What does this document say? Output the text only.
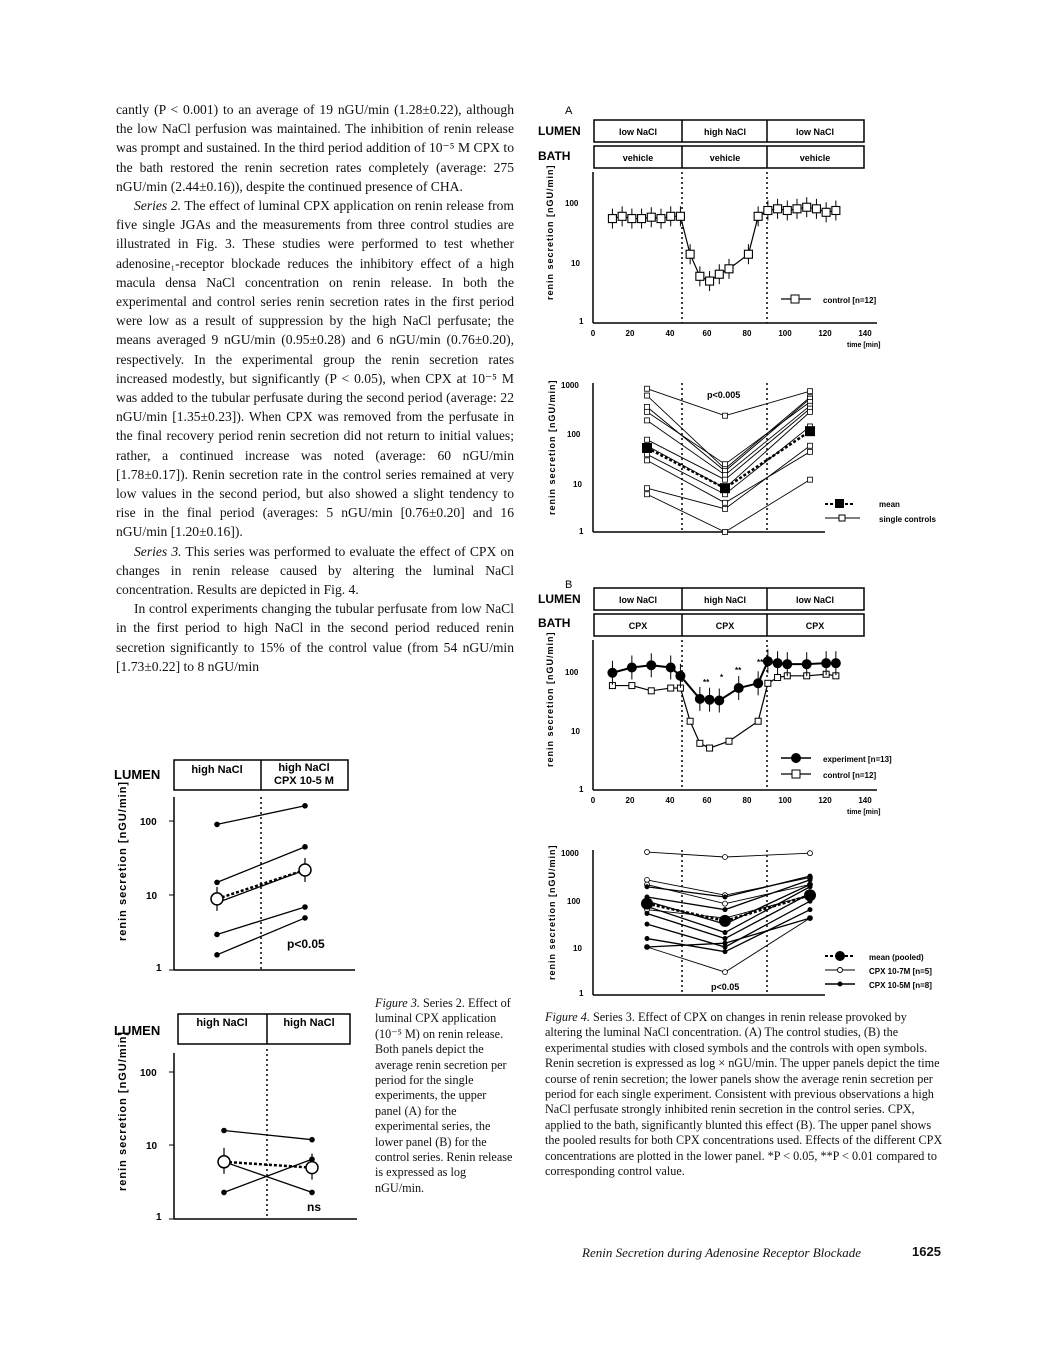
cantly (P < 0.001) to an average of 19 nGU/min (1.28±0.22), although the low NaCl perfusion was maintained. The inhibition of renin release was prompt and sustained. In the third period addition of 10⁻⁵ M CPX to the bath restored the renin secretion rates completely (average: 275 nGU/min (2.44±0.16)), despite the continued presence of CHA.

Series 2. The effect of luminal CPX application on renin release from five single JGAs and the measurements from three control studies are illustrated in Fig. 3. These studies were performed to test whether adenosine₁-receptor blockade reduces the inhibitory effect of a high macula densa NaCl concentration on renin release. In both the experimental and control series renin secretion rates in the first period were low as a result of suppression by the high NaCl perfusate; the means averaged 9 nGU/min (0.95±0.28) and 6 nGU/min (0.76±0.20), respectively. In the experimental group the renin secretion rates increased modestly, but significantly (P < 0.05), when CPX at 10⁻⁵ M was added to the tubular perfusate during the second period (average: 22 nGU/min [1.35±0.23]). When CPX was removed from the perfusate in the final recovery period renin secretion did not return to initial values; rather, a continued increase was noted (average: 60 nGU/min [1.78±0.17]). Renin secretion rate in the control series remained at very low values in the second period, but also showed a slight tendency to rise in the final period (averages: 5 nGU/min [0.76±0.20] and 16 nGU/min [1.20±0.16]).

Series 3. This series was performed to evaluate the effect of CPX on changes in renin release caused by altering the luminal NaCl concentration. Results are depicted in Fig. 4.

In control experiments changing the tubular perfusate from low NaCl in the first period to high NaCl in the second period reduced renin secretion significantly to 15% of the control value (from 54 nGU/min [1.73±0.22] to 8 nGU/min

LUMEN	high NaCl	high NaCl
CPX 10-5 M
renin secretion [nGU/min] 100
10
1
p<0.05
LUMEN	high NaCl	high NaCl
renin secretion [nGU/min] 100
10
1
ns
Figure 3. Series 2. Effect of luminal CPX application (10⁻⁵ M) on renin release. Both panels depict the average renin secretion per period for the single experiments, the upper panel (A) for the experimental series, the lower panel (B) for the control series. Renin release is expressed as log nGU/min.
A
LUMEN
BATH
low NaCl	high NaCl	low NaCl
vehicle	vehicle	vehicle
renin secretion [nGU/min] 100
10
1
0	20	40	60	80	100	120	140
time [min]
control [n=12]
renin secretion [nGU/min] 1000
100
10
1
p<0.005
mean
single controls
B
LUMEN
BATH
low NaCl	high NaCl	low NaCl
CPX	CPX	CPX
renin secretion [nGU/min] 100
10
1
0	20	40	60	80	100	120	140
time [min]
**
*
**
**
experiment [n=13]
control [n=12]
renin secretion [nGU/min] 1000
100
10
1
p<0.05
mean (pooled)
CPX 10-7M [n=5]
CPX 10-5M [n=8]
Figure 4. Series 3. Effect of CPX on changes in renin release provoked by altering the luminal NaCl concentration. (A) The control studies, (B) the experimental studies with closed symbols and the controls with open symbols. Renin secretion is expressed as log × nGU/min. The upper panels depict the time course of renin secretion; the lower panels show the average renin secretion per period for each single experiment. Consistent with previous observations a high NaCl perfusate strongly inhibited renin secretion in the control series. CPX, applied to the bath, significantly blunted this effect (B). The upper panel shows the pooled results for both CPX concentrations used. Effects of the different CPX concentrations are plotted in the lower panel. *P < 0.05, **P < 0.01 compared to corresponding control value.
Renin Secretion during Adenosine Receptor Blockade	1625
